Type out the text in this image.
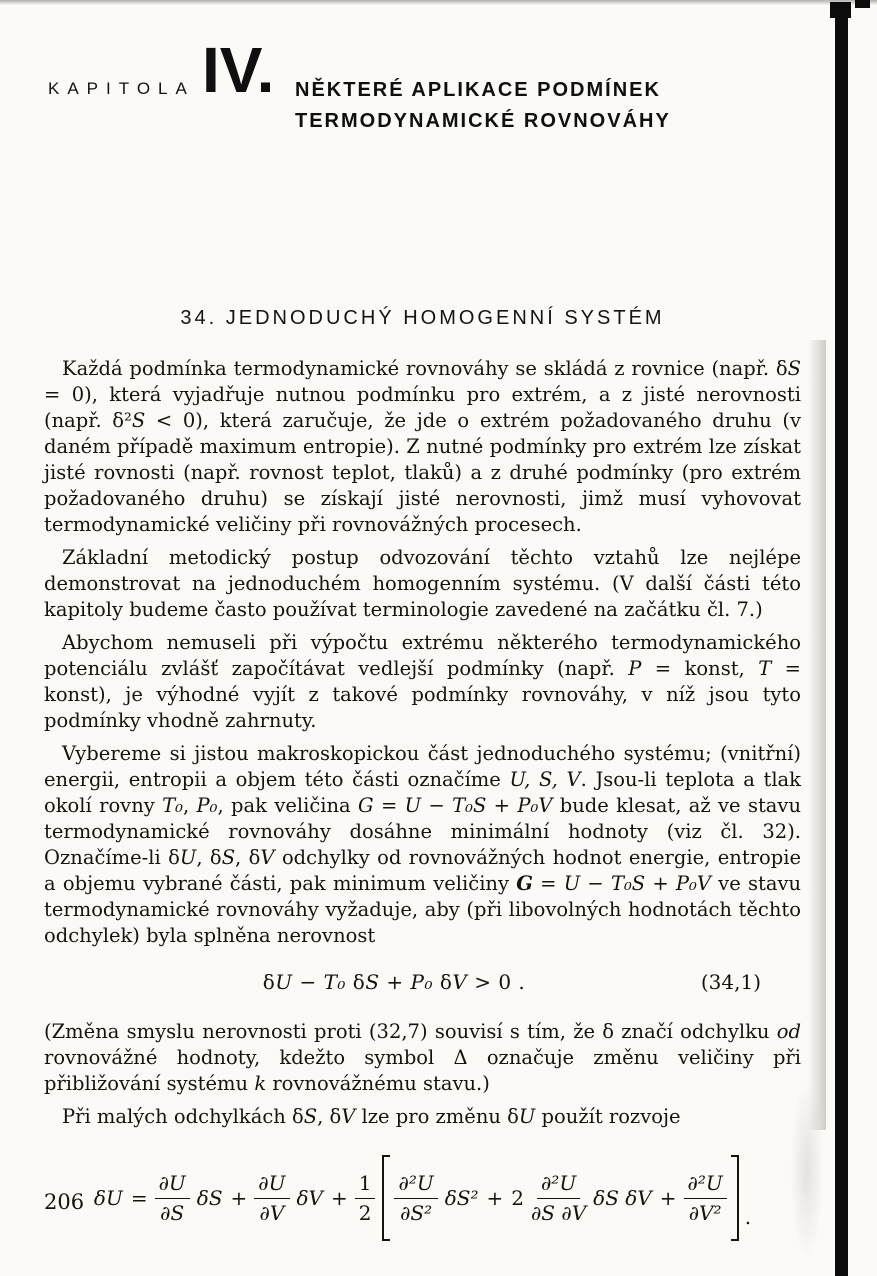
KAPITOLA IV. NĚKTERÉ APLIKACE PODMÍNEK
TERMODYNAMICKÉ ROVNOVÁHY
34. JEDNODUCHÝ HOMOGENNÍ SYSTÉM

Každá podmínka termodynamické rovnováhy se skládá z rovnice (např. δS = 0), která vyjadřuje nutnou podmínku pro extrém, a z jisté nerovnosti (např. δ²S < 0), která zaručuje, že jde o extrém požadovaného druhu (v daném případě maximum entropie). Z nutné podmínky pro extrém lze získat jisté rovnosti (např. rovnost teplot, tlaků) a z druhé podmínky (pro extrém požadovaného druhu) se získají jisté nerovnosti, jimž musí vyhovovat termodynamické veličiny při rovnovážných procesech.

Základní metodický postup odvozování těchto vztahů lze nejlépe demonstrovat na jednoduchém homogenním systému. (V další části této kapitoly budeme často používat terminologie zavedené na začátku čl. 7.)

Abychom nemuseli při výpočtu extrému některého termodynamického potenciálu zvlášť započítávat vedlejší podmínky (např. P = konst, T = konst), je výhodné vyjít z takové podmínky rovnováhy, v níž jsou tyto podmínky vhodně zahrnuty.

Vybereme si jistou makroskopickou část jednoduchého systému; (vnitřní) energii, entropii a objem této části označíme U, S, V. Jsou-li teplota a tlak okolí rovny T₀, P₀, pak veličina G = U − T₀S + P₀V bude klesat, až ve stavu termodynamické rovnováhy dosáhne minimální hodnoty (viz čl. 32). Označíme-li δU, δS, δV odchylky od rovnovážných hodnot energie, entropie a objemu vybrané části, pak minimum veličiny G = U − T₀S + P₀V ve stavu termodynamické rovnováhy vyžaduje, aby (při libovolných hodnotách těchto odchylek) byla splněna nerovnost

δU − T₀ δS + P₀ δV > 0 .	(34,1)

(Změna smyslu nerovnosti proti (32,7) souvisí s tím, že δ značí odchylku od rovnovážné hodnoty, kdežto symbol Δ označuje změnu veličiny při přibližování systému k rovnovážnému stavu.)

Při malých odchylkách δS, δV lze pro změnu δU použít rozvoje

$\delta U = \frac{\partial U}{\partial S}$ $\delta S + \frac{\partial U}{\partial V}$ $\delta V + \frac{1}{2} \frac{\text{∂²U}}{\text{∂S²}} \delta S^2 + 2 \frac{\text{∂²U}}{\partial S \partial V}$ δS $\delta V + \frac{\text{∂²U}}{\text{∂V²}}$ .
206
